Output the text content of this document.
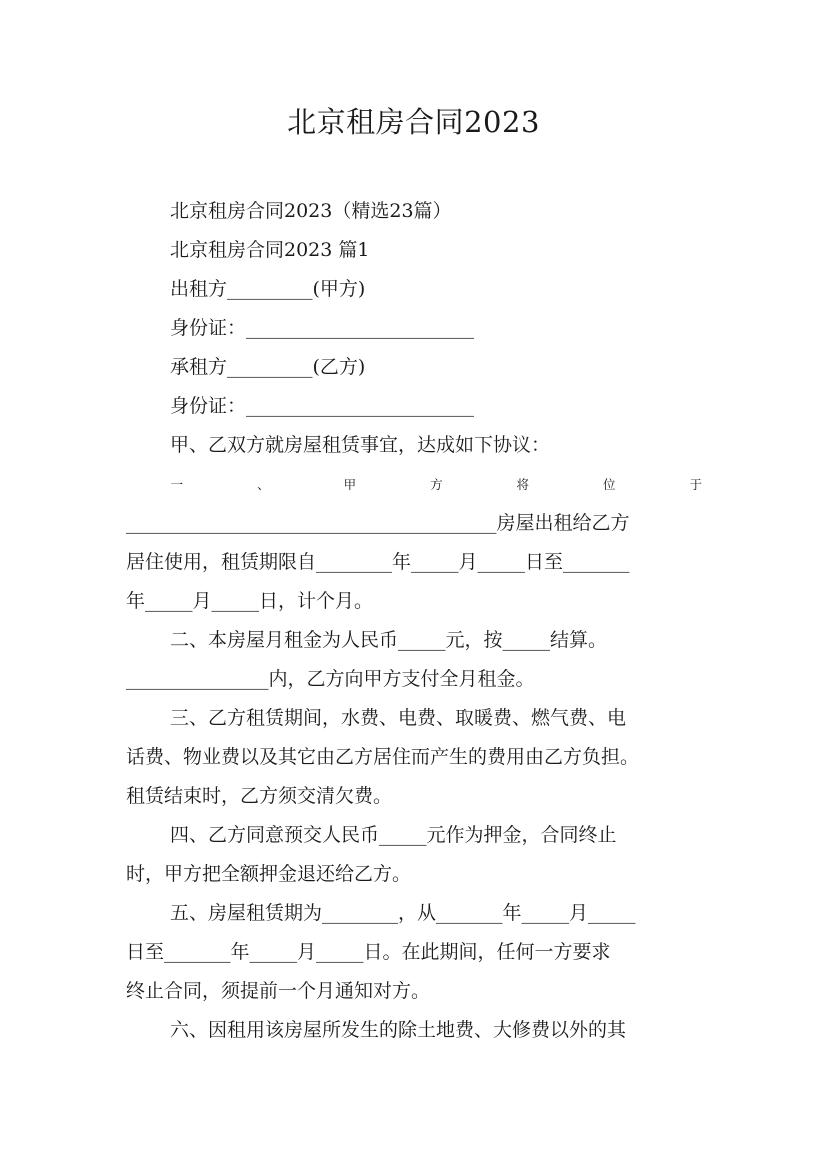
北京租房合同2023
北京租房合同2023（精选23篇）
北京租房合同2023 篇1
出租方_________(甲方)
身份证：________________________
承租方_________(乙方)
身份证：________________________
甲、乙双方就房屋租赁事宜，达成如下协议：
一 、 甲 方 将 位 于
_______________________________________房屋出租给乙方
居住使用，租赁期限自________年_____月_____日至_______
年_____月_____日，计个月。
二、本房屋月租金为人民币_____元，按_____结算。
_______________内，乙方向甲方支付全月租金。
三、乙方租赁期间，水费、电费、取暖费、燃气费、电
话费、物业费以及其它由乙方居住而产生的费用由乙方负担。
租赁结束时，乙方须交清欠费。
四、乙方同意预交人民币_____元作为押金，合同终止
时，甲方把全额押金退还给乙方。
五、房屋租赁期为________，从_______年_____月_____
日至_______年_____月_____日。在此期间，任何一方要求
终止合同，须提前一个月通知对方。
六、因租用该房屋所发生的除土地费、大修费以外的其
